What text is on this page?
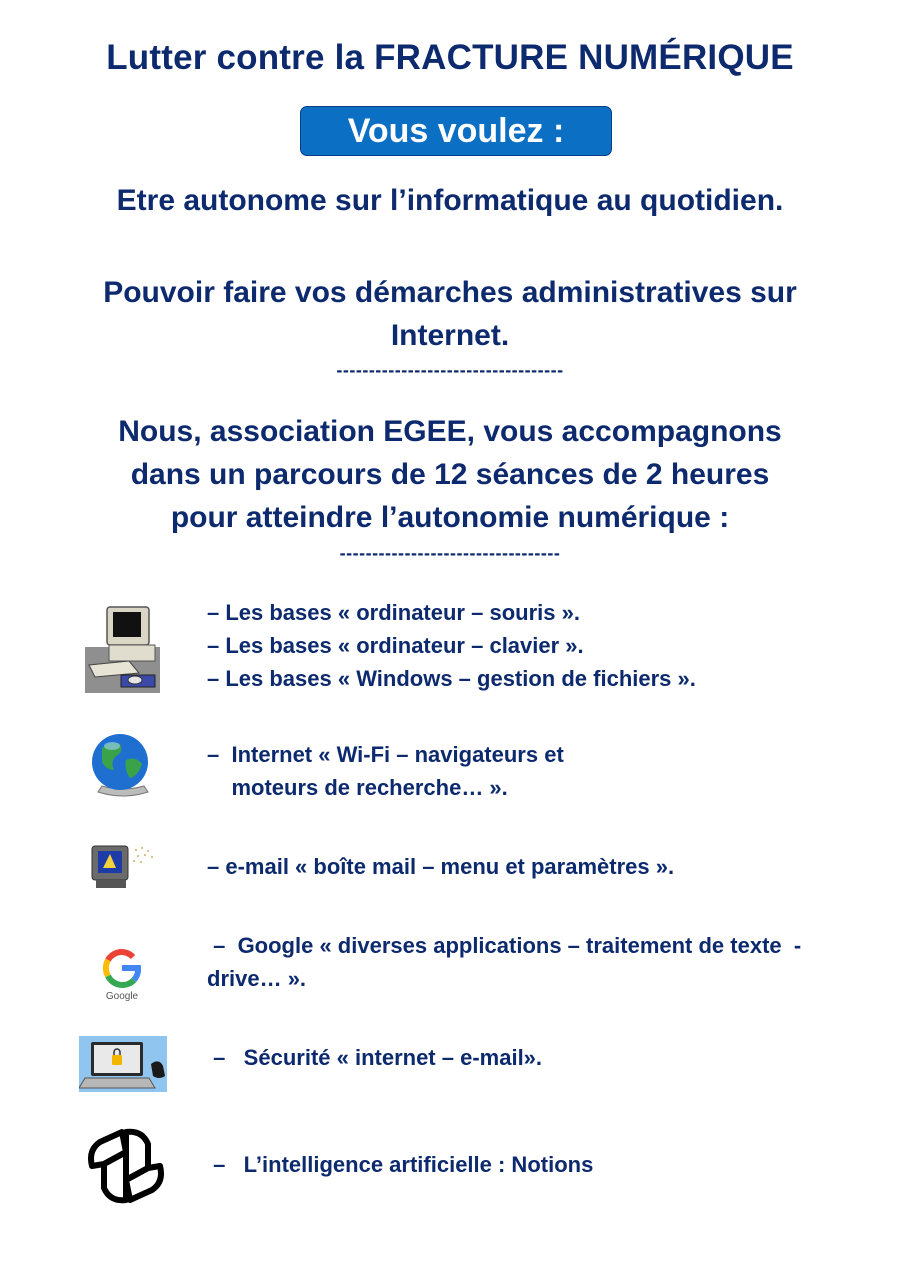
Lutter contre la FRACTURE NUMÉRIQUE
Vous voulez :
Etre autonome sur l’informatique au quotidien.
Pouvoir faire vos démarches administratives sur
Internet.
-----------------------------------
Nous, association EGEE, vous accompagnons
dans un parcours de 12 séances de 2 heures
pour atteindre l’autonomie numérique :
----------------------------------
– Les bases « ordinateur – souris ».
– Les bases « ordinateur – clavier ».
– Les bases « Windows – gestion de fichiers ».
–  Internet « Wi-Fi – navigateurs et
moteurs de recherche… ».
– e-mail « boîte mail – menu et paramètres ».
Google
–  Google « diverses applications – traitement de texte  -
drive… ».
–   Sécurité « internet – e-mail».
–   L’intelligence artificielle : Notions
